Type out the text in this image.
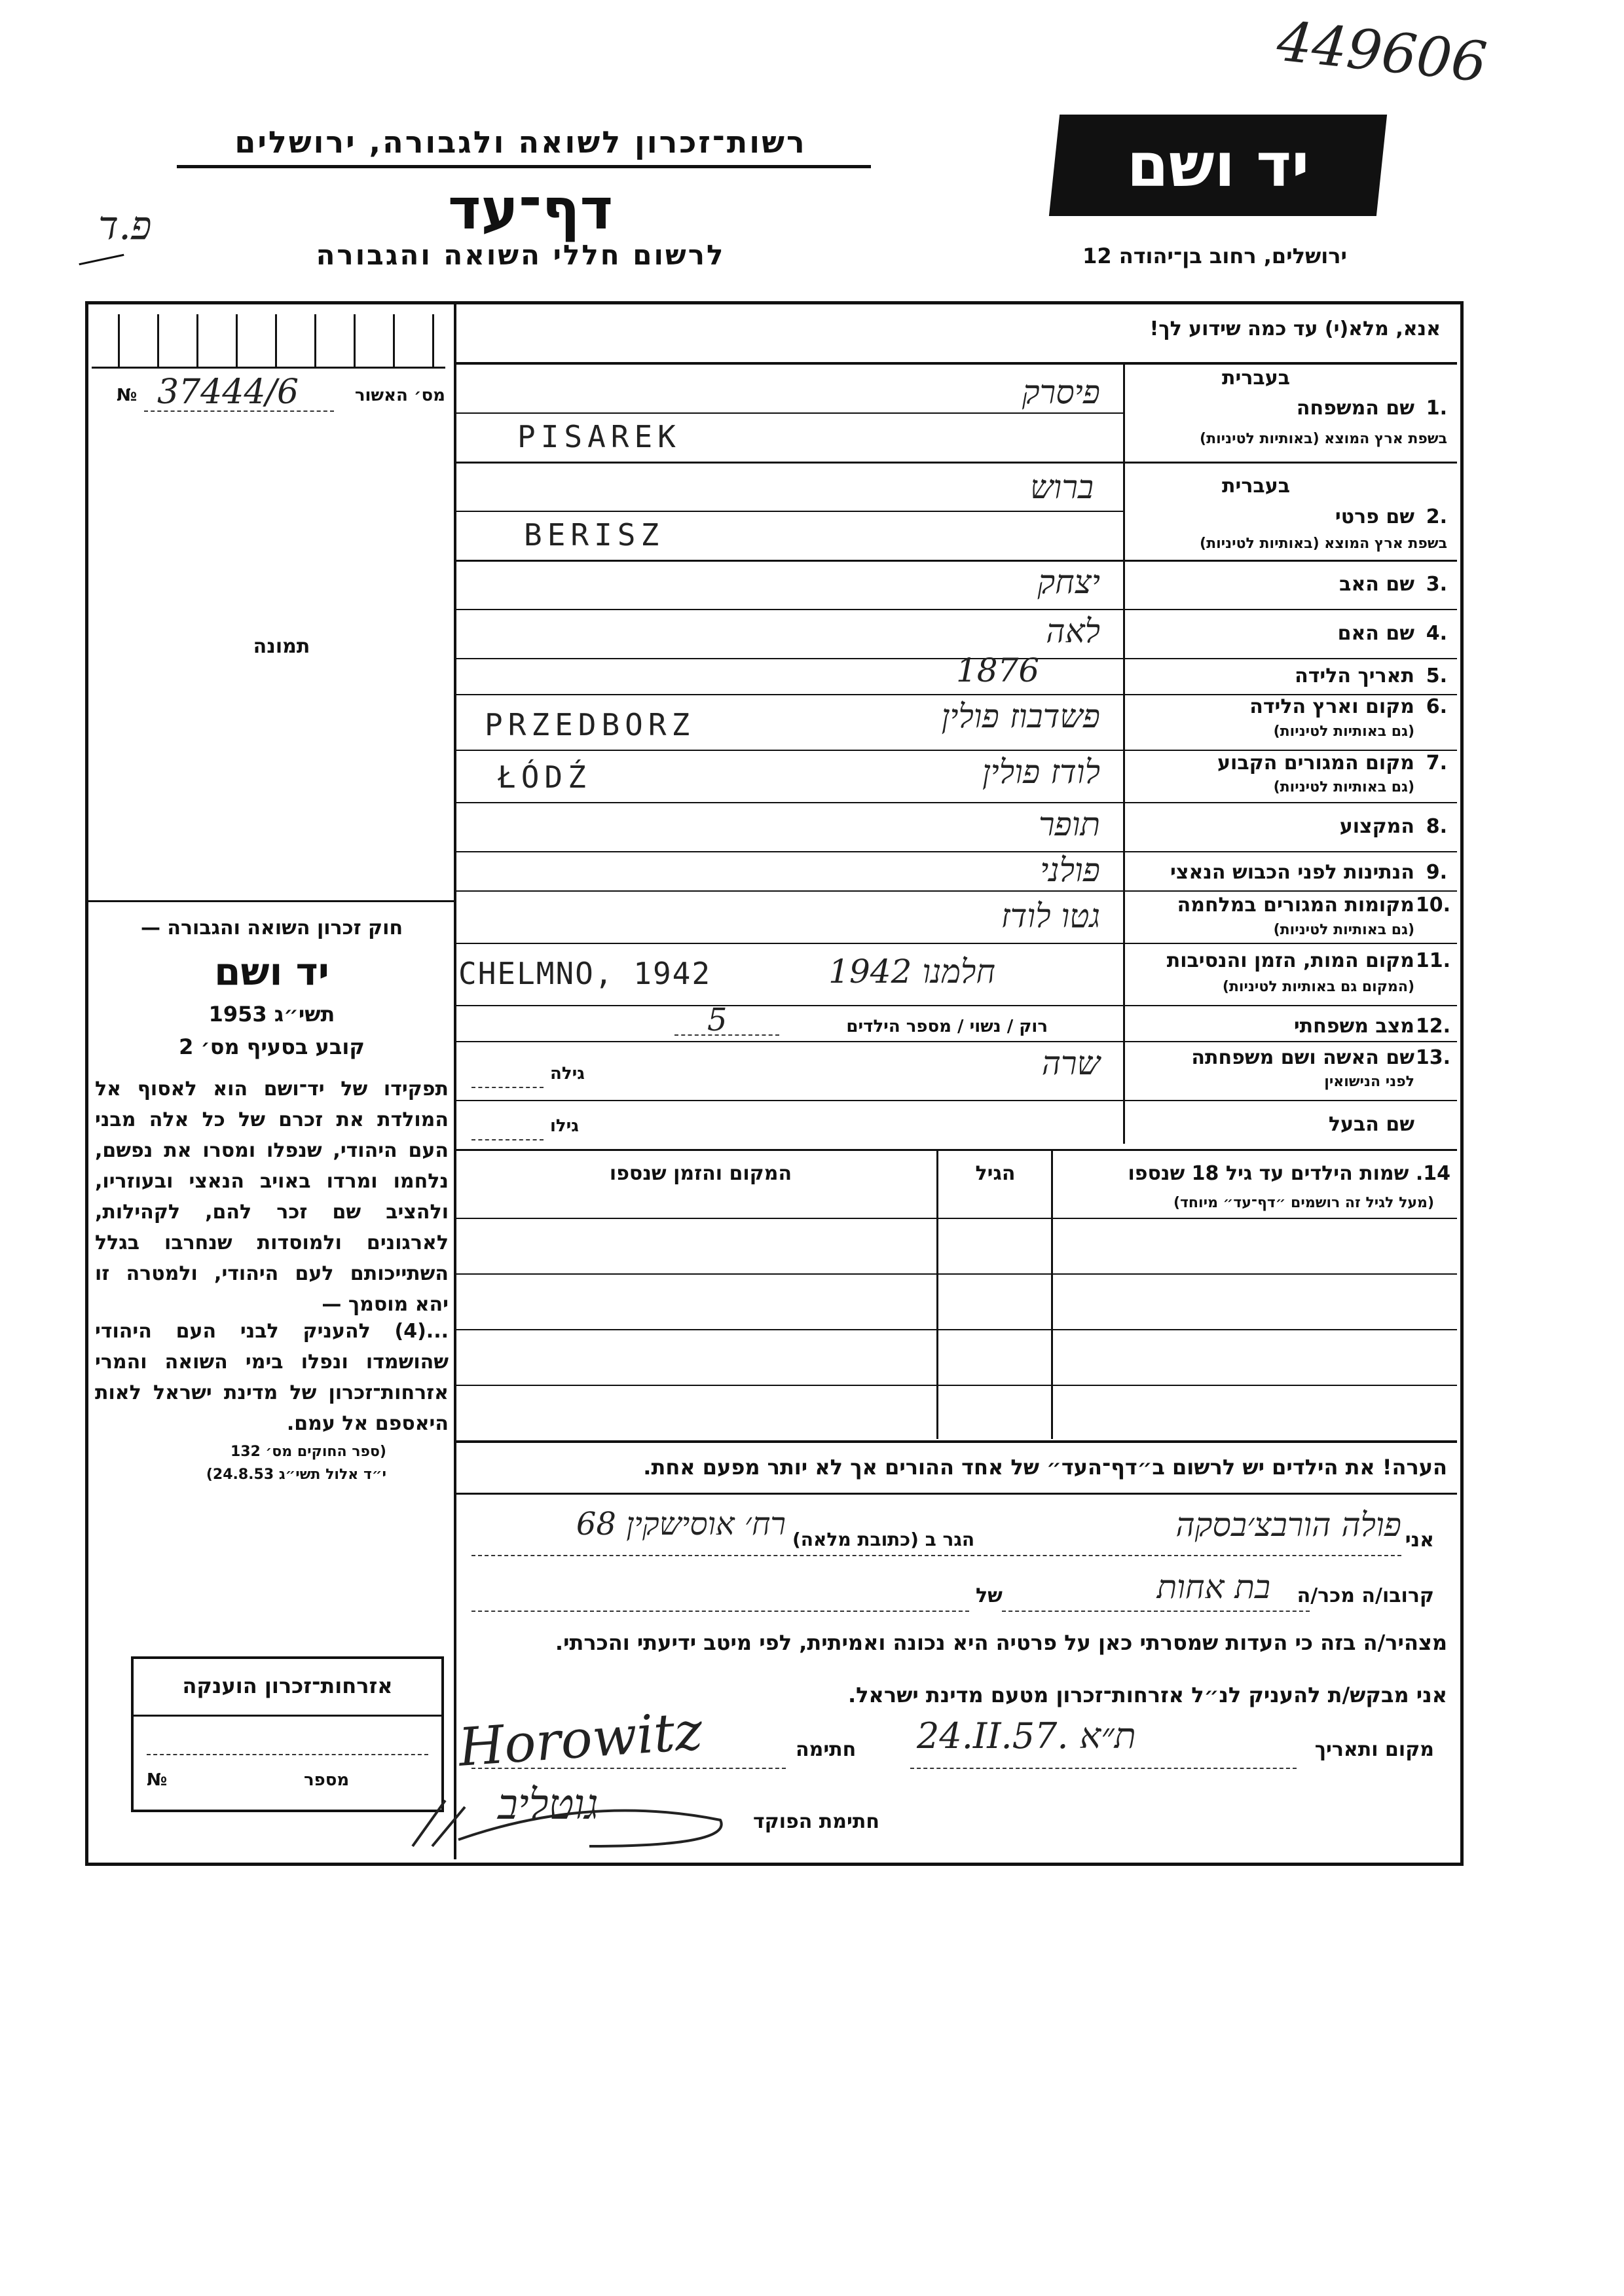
449606
רשות־זכרון לשואה ולגבורה, ירושלים
דף־עד
לרשום חללי השואה והגבורה
פ.ד
יד ושם
ירושלים, רחוב בן־יהודה 12
מס׳ האשור
37444/6
№
תמונה
חוק זכרון השואה והגבורה —
יד ושם
תשי״ג 1953
קובע בסעיף מס׳ 2
תפקידו של יד־ושם הוא לאסוף אל המולדת את זכרם של כל אלה מבני העם היהודי, שנפלו ומסרו את נפשם, נלחמו ומרדו באויב הנאצי ובעוזריו, ולהציב שם זכר להם, לקהילות, לארגונים ולמוסדות שנחרבו בגלל השתייכותם לעם היהודי, ולמטרה זו יהא מוסמך —
...(4) להעניק לבני העם היהודי שהושמדו ונפלו בימי השואה והמרי אזרחות־זכרון של מדינת ישראל לאות היאספם אל עמם.
(ספר החוקים מס׳ 132
י״ד אלול תשי״ג 24.8.53)
אזרחות־זכרון הוענקה
מספר
№
אנא, מלא(י) עד כמה שידוע לך!
בעברית
שם המשפחה 1.
בשפת ארץ המוצא (באותיות לטיניות)
פיסרק
PISAREK
בעברית
שם פרטי 2.
בשפת ארץ המוצא (באותיות לטיניות)
ברוש
BERISZ
שם האב 3.
יצחק
שם האם 4.
לאה
תאריך הלידה 5.
1876
מקום וארץ הלידה 6.
(גם באותיות לטיניות)
פשדבוז פולין
PRZEDBORZ
מקום המגורים הקבוע 7.
(גם באותיות לטיניות)
לודז פולין
ŁÓDŹ
המקצוע 8.
תופר
הנתינות לפני הכבוש הנאצי 9.
פולני
מקומות המגורים במלחמה 10.
(גם באותיות לטיניות)
גטו לודז
מקום המות, הזמן והנסיבות 11.
(המקום גם באותיות לטיניות)
חלמנו 1942
CHELMNO, 1942
מצב משפחתי 12.
רוק / נשוי / מספר הילדים
5
שם האשה ושם משפחתה 13.
לפני הנישואין
שרה
גילה
שם הבעל
גילו
14. שמות הילדים עד גיל 18 שנספו
(מעל לגיל זה רושמים ״דף־עד״ מיוחד)
הגיל
המקום והזמן שנספו
הערה! את הילדים יש לרשום ב״דף־העד״ של אחד ההורים אך לא יותר מפעם אחת.
אני
פולה הורבצ׳בסקה
הגר ב (כתובת מלאה)
רח׳ אוסישקין 68
קרובו/ה מכר/ה
בת אחות
של
מצהיר/ה בזה כי העדות שמסרתי כאן על פרטיה היא נכונה ואמיתית, לפי מיטב ידיעתי והכרתי.
אני מבקש/ת להעניק לנ״ל אזרחות־זכרון מטעם מדינת ישראל.
מקום ותאריך
24.II.57. ת״א
חתימה
Horowitz
חתימת הפוקד
גוטליב
